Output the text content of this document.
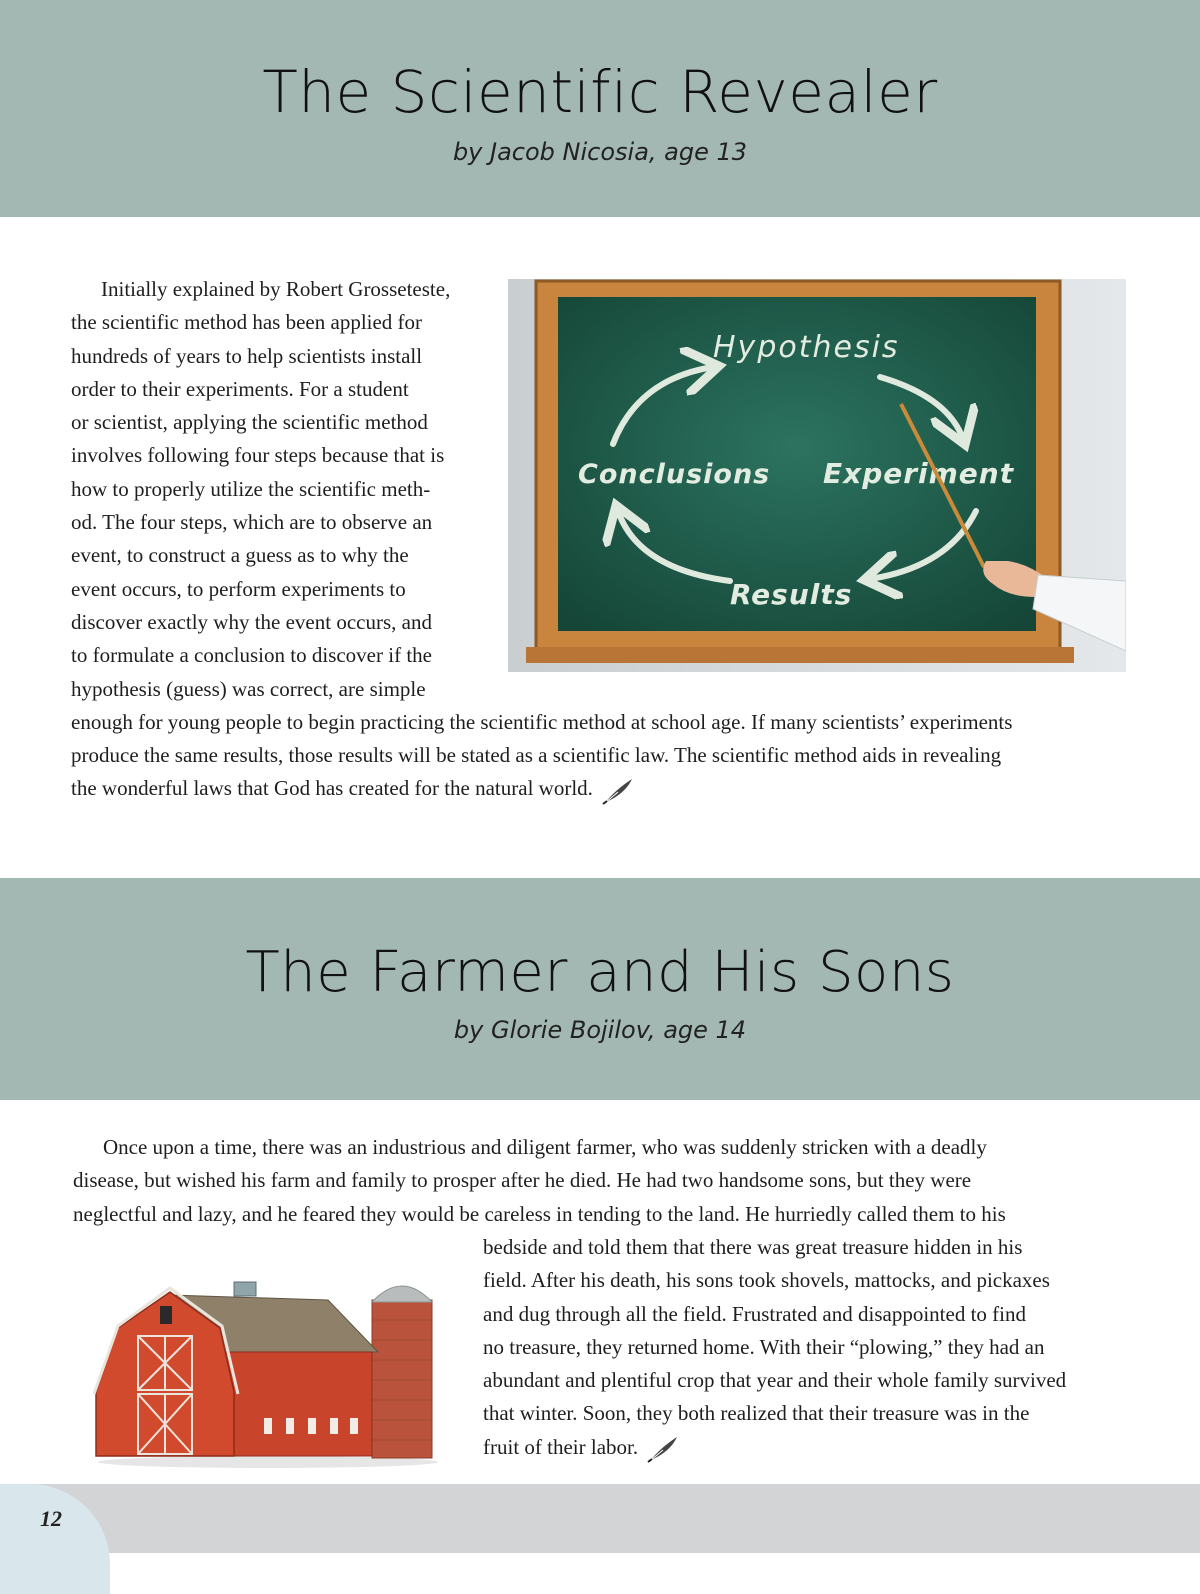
The Scientific Revealer
by Jacob Nicosia, age 13

Initially explained by Robert Grosseteste,

the scientific method has been applied for

hundreds of years to help scientists install

order to their experiments. For a student

or scientist, applying the scientific method

involves following four steps because that is

how to properly utilize the scientific meth-

od. The four steps, which are to observe an

event, to construct a guess as to why the

event occurs, to perform experiments to

discover exactly why the event occurs, and

to formulate a conclusion to discover if the

hypothesis (guess) was correct, are simple

enough for young people to begin practicing the scientific method at school age. If many scientists’ experiments

produce the same results, those results will be stated as a scientific law. The scientific method aids in revealing

the wonderful laws that God has created for the natural world.

Hypothesis
Experiment
Conclusions
Results
The Farmer and His Sons
by Glorie Bojilov, age 14

Once upon a time, there was an industrious and diligent farmer, who was suddenly stricken with a deadly

disease, but wished his farm and family to prosper after he died. He had two handsome sons, but they were

neglectful and lazy, and he feared they would be careless in tending to the land. He hurriedly called them to his

bedside and told them that there was great treasure hidden in his

field. After his death, his sons took shovels, mattocks, and pickaxes

and dug through all the field. Frustrated and disappointed to find

no treasure, they returned home. With their “plowing,” they had an

abundant and plentiful crop that year and their whole family survived

that winter. Soon, they both realized that their treasure was in the

fruit of their labor.

12
